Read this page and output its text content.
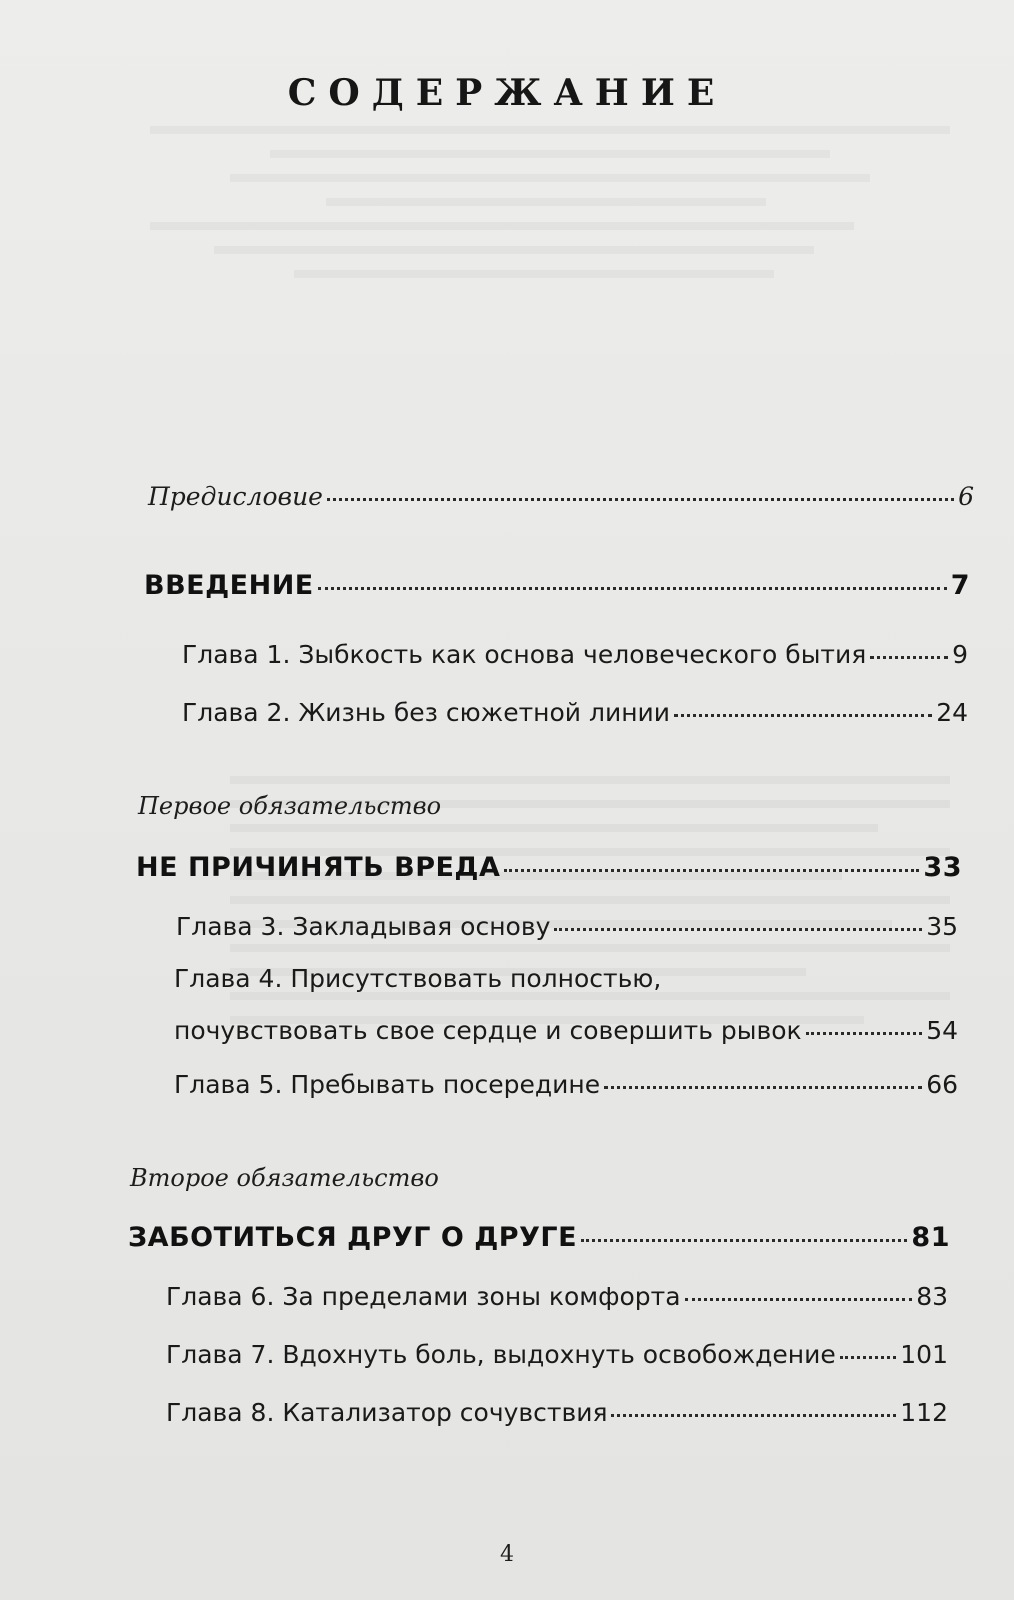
СОДЕРЖАНИЕ
Предисловие	6
ВВЕДЕНИЕ	7
Глава 1. Зыбкость как основа человеческого бытия	9
Глава 2. Жизнь без сюжетной линии	24
Первое обязательство
НЕ ПРИЧИНЯТЬ ВРЕДА	33
Глава 3. Закладывая основу	35
Глава 4. Присутствовать полностью,
почувствовать свое сердце и совершить рывок	54
Глава 5. Пребывать посередине	66
Второе обязательство
ЗАБОТИТЬСЯ ДРУГ О ДРУГЕ	81
Глава 6. За пределами зоны комфорта	83
Глава 7. Вдохнуть боль, выдохнуть освобождение	101
Глава 8. Катализатор сочувствия	112
4
